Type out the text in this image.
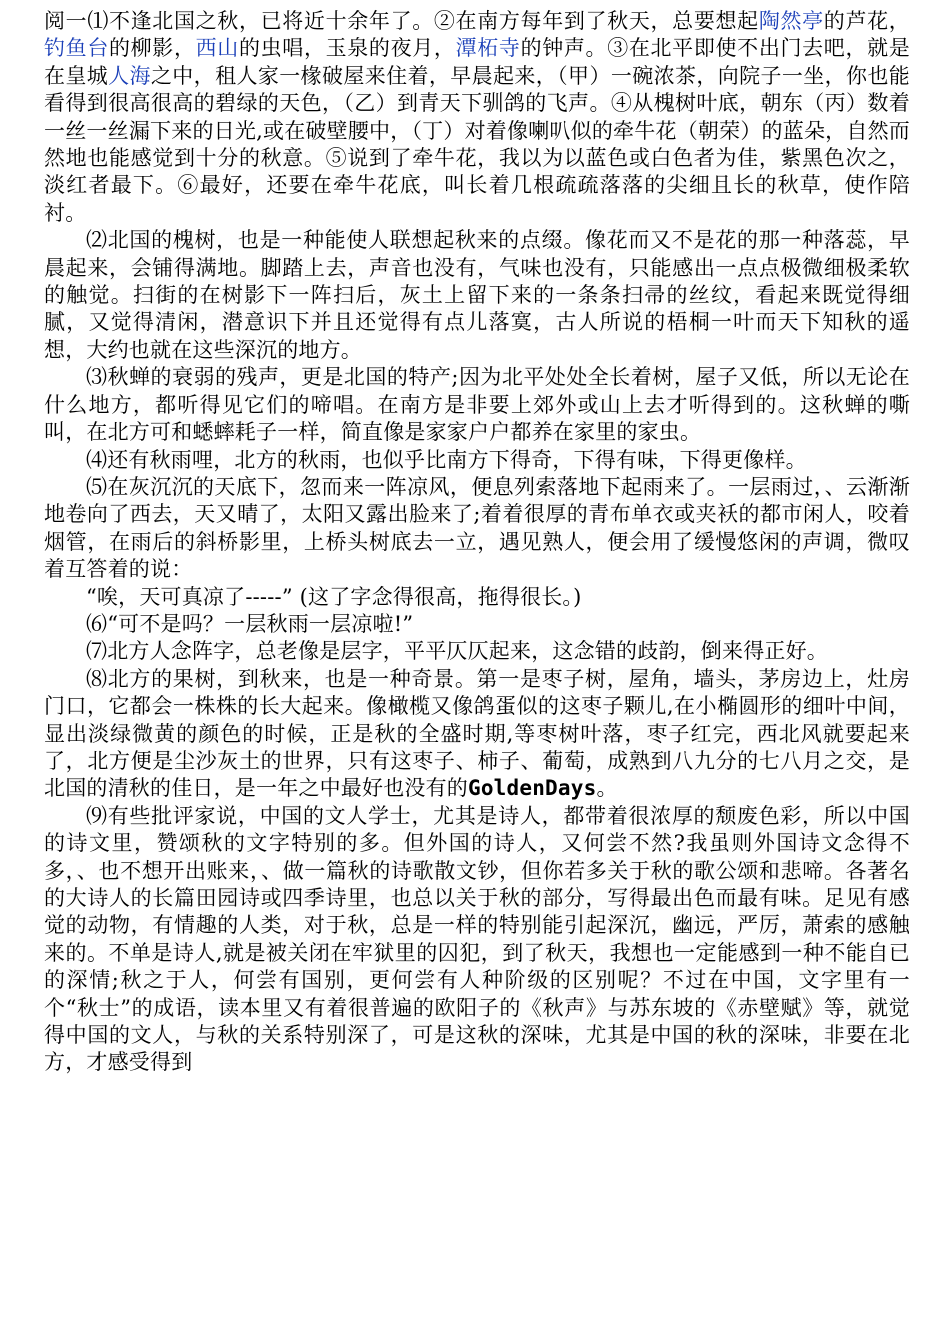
阅一⑴不逢北国之秋，已将近十余年了。②在南方每年到了秋天，总要想起陶然亭的芦花，钓鱼台的柳影，西山的虫唱，玉泉的夜月，潭柘寺的钟声。③在北平即使不出门去吧，就是在皇城人海之中，租人家一椽破屋来住着，早晨起来，（甲）一碗浓茶，向院子一坐，你也能看得到很高很高的碧绿的天色，（乙）到青天下驯鸽的飞声。④从槐树叶底，朝东（丙）数着一丝一丝漏下来的日光,或在破壁腰中，（丁）对着像喇叭似的牵牛花（朝荣）的蓝朵，自然而然地也能感觉到十分的秋意。⑤说到了牵牛花，我以为以蓝色或白色者为佳，紫黑色次之，淡红者最下。⑥最好，还要在牵牛花底，叫长着几根疏疏落落的尖细且长的秋草，使作陪衬。

⑵北国的槐树，也是一种能使人联想起秋来的点缀。像花而又不是花的那一种落蕊，早晨起来，会铺得满地。脚踏上去，声音也没有，气味也没有，只能感出一点点极微细极柔软的触觉。扫街的在树影下一阵扫后，灰土上留下来的一条条扫帚的丝纹，看起来既觉得细腻，又觉得清闲，潜意识下并且还觉得有点儿落寞，古人所说的梧桐一叶而天下知秋的遥想，大约也就在这些深沉的地方。

⑶秋蝉的衰弱的残声，更是北国的特产;因为北平处处全长着树，屋子又低，所以无论在什么地方，都听得见它们的啼唱。在南方是非要上郊外或山上去才听得到的。这秋蝉的嘶叫，在北方可和蟋蟀耗子一样，简直像是家家户户都养在家里的家虫。

⑷还有秋雨哩，北方的秋雨，也似乎比南方下得奇，下得有味，下得更像样。

⑸在灰沉沉的天底下，忽而来一阵凉风，便息列索落地下起雨来了。一层雨过，、云渐渐地卷向了西去，天又晴了，太阳又露出脸来了;着着很厚的青布单衣或夹袄的都市闲人，咬着烟管，在雨后的斜桥影里，上桥头树底去一立，遇见熟人，便会用了缓慢悠闲的声调，微叹着互答着的说：

“唉，天可真凉了-----” (这了字念得很高，拖得很长。)

⑹“可不是吗？一层秋雨一层凉啦!”

⑺北方人念阵字，总老像是层字，平平仄仄起来，这念错的歧韵，倒来得正好。

⑻北方的果树，到秋来，也是一种奇景。第一是枣子树，屋角，墙头，茅房边上，灶房门口，它都会一株株的长大起来。像橄榄又像鸽蛋似的这枣子颗儿,在小椭圆形的细叶中间，显出淡绿微黄的颜色的时候，正是秋的全盛时期,等枣树叶落，枣子红完，西北风就要起来了，北方便是尘沙灰土的世界，只有这枣子、柿子、葡萄，成熟到八九分的七八月之交，是北国的清秋的佳日，是一年之中最好也没有的GoldenDays。

⑼有些批评家说，中国的文人学士，尤其是诗人，都带着很浓厚的颓废色彩，所以中国的诗文里，赞颂秋的文字特别的多。但外国的诗人，又何尝不然?我虽则外国诗文念得不多，、也不想开出账来，、做一篇秋的诗歌散文钞，但你若多关于秋的歌公颂和悲啼。各著名的大诗人的长篇田园诗或四季诗里，也总以关于秋的部分，写得最出色而最有味。足见有感觉的动物，有情趣的人类，对于秋，总是一样的特别能引起深沉，幽远，严厉，萧索的感触来的。不单是诗人,就是被关闭在牢狱里的囚犯，到了秋天，我想也一定能感到一种不能自已的深情;秋之于人，何尝有国别，更何尝有人种阶级的区别呢？不过在中国，文字里有一个“秋士”的成语，读本里又有着很普遍的欧阳子的《秋声》与苏东坡的《赤壁赋》等，就觉得中国的文人，与秋的关系特别深了，可是这秋的深味，尤其是中国的秋的深味，非要在北方，才感受得到
